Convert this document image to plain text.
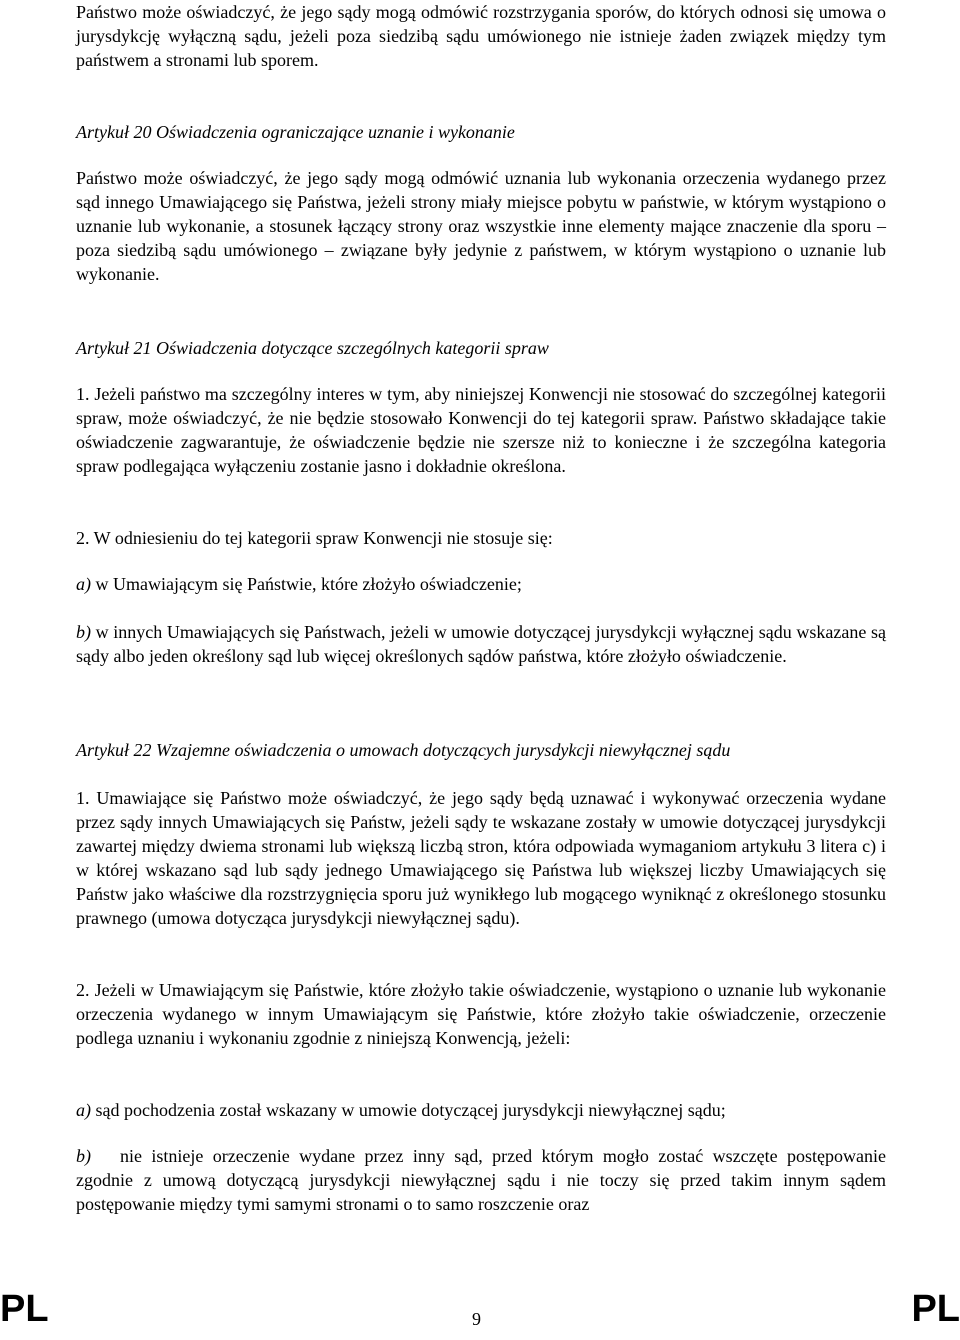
Państwo może oświadczyć, że jego sądy mogą odmówić rozstrzygania sporów, do których odnosi się umowa o jurysdykcję wyłączną sądu, jeżeli poza siedzibą sądu umówionego nie istnieje żaden związek między tym państwem a stronami lub sporem.

Artykuł 20 Oświadczenia ograniczające uznanie i wykonanie

Państwo może oświadczyć, że jego sądy mogą odmówić uznania lub wykonania orzeczenia wydanego przez sąd innego Umawiającego się Państwa, jeżeli strony miały miejsce pobytu w państwie, w którym wystąpiono o uznanie lub wykonanie, a stosunek łączący strony oraz wszystkie inne elementy mające znaczenie dla sporu – poza siedzibą sądu umówionego – związane były jedynie z państwem, w którym wystąpiono o uznanie lub wykonanie.

Artykuł 21 Oświadczenia dotyczące szczególnych kategorii spraw

1. Jeżeli państwo ma szczególny interes w tym, aby niniejszej Konwencji nie stosować do szczególnej kategorii spraw, może oświadczyć, że nie będzie stosowało Konwencji do tej kategorii spraw. Państwo składające takie oświadczenie zagwarantuje, że oświadczenie będzie nie szersze niż to konieczne i że szczególna kategoria spraw podlegająca wyłączeniu zostanie jasno i dokładnie określona.

2. W odniesieniu do tej kategorii spraw Konwencji nie stosuje się:

a) w Umawiającym się Państwie, które złożyło oświadczenie;

b) w innych Umawiających się Państwach, jeżeli w umowie dotyczącej jurysdykcji wyłącznej sądu wskazane są sądy albo jeden określony sąd lub więcej określonych sądów państwa, które złożyło oświadczenie.

Artykuł 22 Wzajemne oświadczenia o umowach dotyczących jurysdykcji niewyłącznej sądu

1. Umawiające się Państwo może oświadczyć, że jego sądy będą uznawać i wykonywać orzeczenia wydane przez sądy innych Umawiających się Państw, jeżeli sądy te wskazane zostały w umowie dotyczącej jurysdykcji zawartej między dwiema stronami lub większą liczbą stron, która odpowiada wymaganiom artykułu 3 litera c) i w której wskazano sąd lub sądy jednego Umawiającego się Państwa lub większej liczby Umawiających się Państw jako właściwe dla rozstrzygnięcia sporu już wynikłego lub mogącego wyniknąć z określonego stosunku prawnego (umowa dotycząca jurysdykcji niewyłącznej sądu).

2. Jeżeli w Umawiającym się Państwie, które złożyło takie oświadczenie, wystąpiono o uznanie lub wykonanie orzeczenia wydanego w innym Umawiającym się Państwie, które złożyło takie oświadczenie, orzeczenie podlega uznaniu i wykonaniu zgodnie z niniejszą Konwencją, jeżeli:

a) sąd pochodzenia został wskazany w umowie dotyczącej jurysdykcji niewyłącznej sądu;

b) nie istnieje orzeczenie wydane przez inny sąd, przed którym mogło zostać wszczęte postępowanie zgodnie z umową dotyczącą jurysdykcji niewyłącznej sądu i nie toczy się przed takim innym sądem postępowanie między tymi samymi stronami o to samo roszczenie oraz

PL	9	PL
